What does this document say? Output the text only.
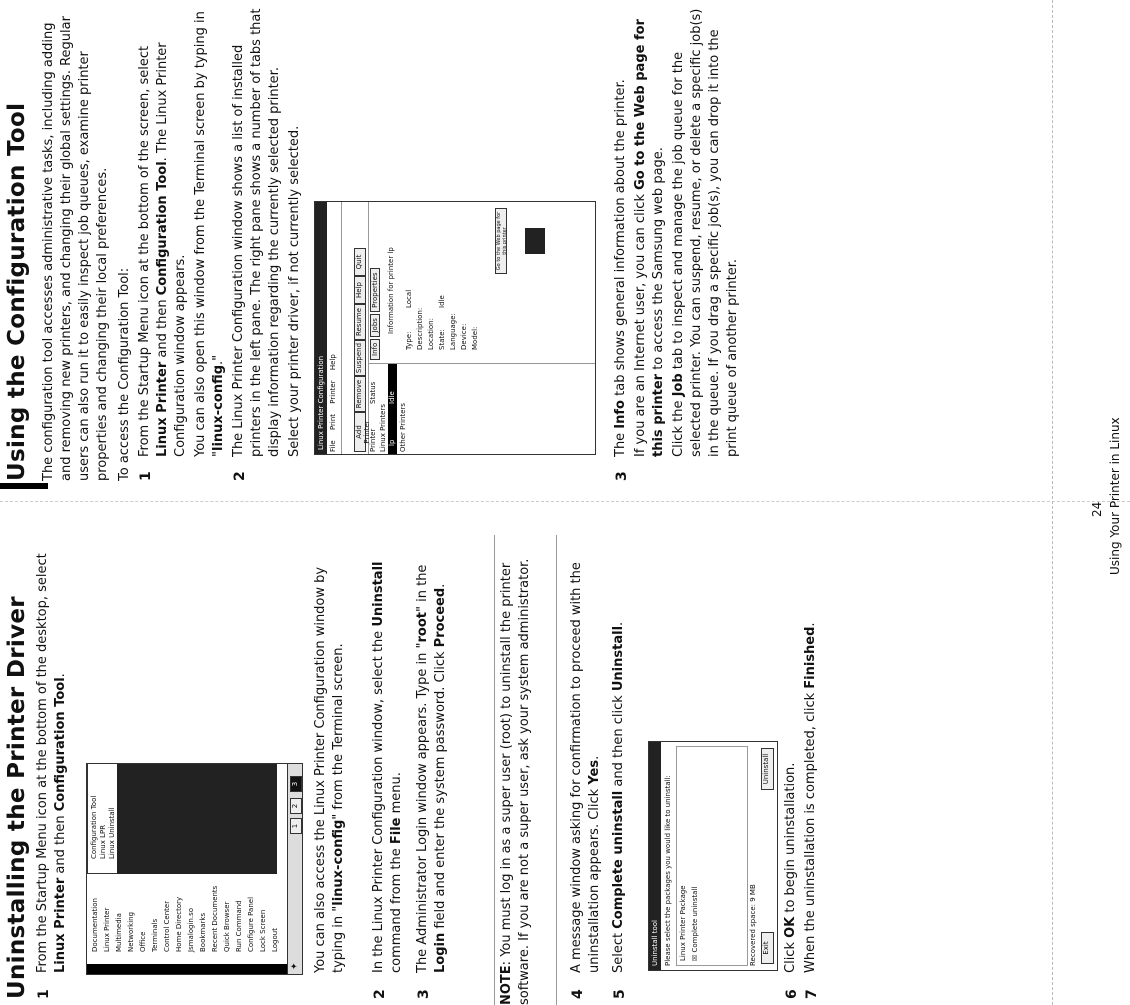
Uninstalling the Printer Driver 1
From the Startup Menu icon at the bottom of the desktop, select Linux Printer and then Configuration Tool.
Documentation Linux Printer Multimedia Networking Office Terminals Control Center Home Directory Jsmalogin.so Bookmarks Recent Documents Quick Browser Run Command Configure Panel Lock Screen Logout
Configuration Tool Linux LPR Linux Uninstall
✦
1
2
3 You can also access the Linux Printer Configuration window by typing in "linux-config" from the Terminal screen.
2
In the Linux Printer Configuration window, select the Uninstall command from the File menu.
3
The Administrator Login window appears. Type in "root" in the Login field and enter the system password. Click Proceed.
NOTE: You must log in as a super user (root) to uninstall the printer software. If you are not a super user, ask your system administrator.	4
A message window asking for confirmation to proceed with the uninstallation appears. Click Yes.
5
Select Complete uninstall and then click Uninstall.
Uninstall tool Please select the packages you would like to uninstall: Linux Printer Package ☒ Complete uninstall	Recovered space: 9 MB Exit
Uninstall
6
Click OK to begin uninstallation.
7
When the uninstallation is completed, click Finished.
Using the Configuration Tool The configuration tool accesses administrative tasks, including adding and removing new printers, and changing their global settings. Regular users can also run it to easily inspect job queues, examine printer properties and changing their local preferences. To access the Configuration Tool: 1
From the Startup Menu icon at the bottom of the screen, select Linux Printer and then Configuration Tool. The Linux Printer Configuration window appears. You can also open this window from the Terminal screen by typing in "linux-config."
2
The Linux Printer Configuration window shows a list of installed printers in the left pane. The right pane shows a number of tabs that display information regarding the currently selected printer. Select your printer driver, if not currently selected. Linux Printer Configuration File Print Printer Help
Add Printer
Remove
Suspend
Resume
Help
Quit
Printer
Status
Linux Printers lp
Idle
Other Printers
Info Jobs Properties Information for printer lp
Type:
Local
Description: Location: State:
Idle
Language: Device: Model:
Go to the Web page for this printer
3
The Info tab shows general information about the printer. If you are an Internet user, you can click Go to the Web page for this printer to access the Samsung web page.
Click the Job tab to inspect and manage the job queue for the selected printer. You can suspend, resume, or delete a specific job(s) in the queue. If you drag a specific job(s), you can drop it into the print queue of another printer.
24 Using Your Printer in Linux
